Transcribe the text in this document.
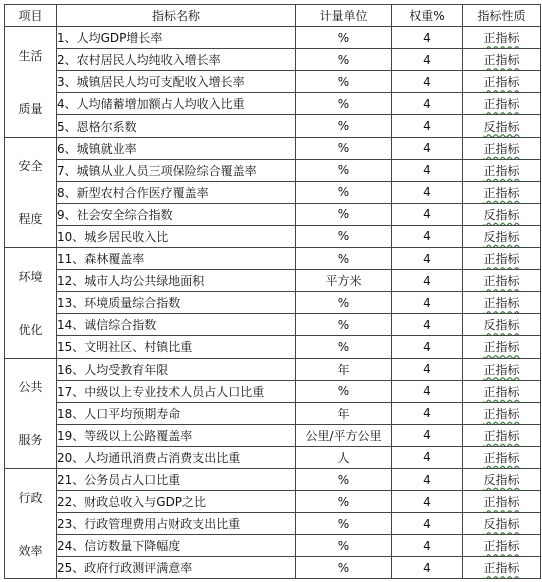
项目	指标名称	计量单位	权重%	指标性质

生活
质量	1、人均GDP增长率	%	4	正指标
	2、农村居民人均纯收入增长率	%	4	正指标
	3、城镇居民人均可支配收入增长率	%	4	正指标
	4、人均储蓄增加额占人均收入比重	%	4	正指标
	5、恩格尔系数	%	4	反指标

安全
程度	6、城镇就业率	%	4	正指标
	7、城镇从业人员三项保险综合覆盖率	%	4	正指标
	8、新型农村合作医疗覆盖率	%	4	正指标
	9、社会安全综合指数	%	4	反指标
	10、城乡居民收入比	%	4	反指标

环境
优化	11、森林覆盖率	%	4	正指标
	12、城市人均公共绿地面积	平方米	4	正指标
	13、环境质量综合指数	%	4	正指标
	14、诚信综合指数	%	4	反指标
	15、文明社区、村镇比重	%	4	正指标

公共
服务	16、人均受教育年限	年	4	正指标
	17、中级以上专业技术人员占人口比重	%	4	正指标
	18、人口平均预期寿命	年	4	正指标
	19、等级以上公路覆盖率	公里/平方公里	4	正指标
	20、人均通讯消费占消费支出比重	人	4	正指标

行政
效率	21、公务员占人口比重	%	4	反指标
	22、财政总收入与GDP之比	%	4	正指标
	23、行政管理费用占财政支出比重	%	4	反指标
	24、信访数量下降幅度	%	4	正指标
	25、政府行政测评满意率	%	4	正指标
